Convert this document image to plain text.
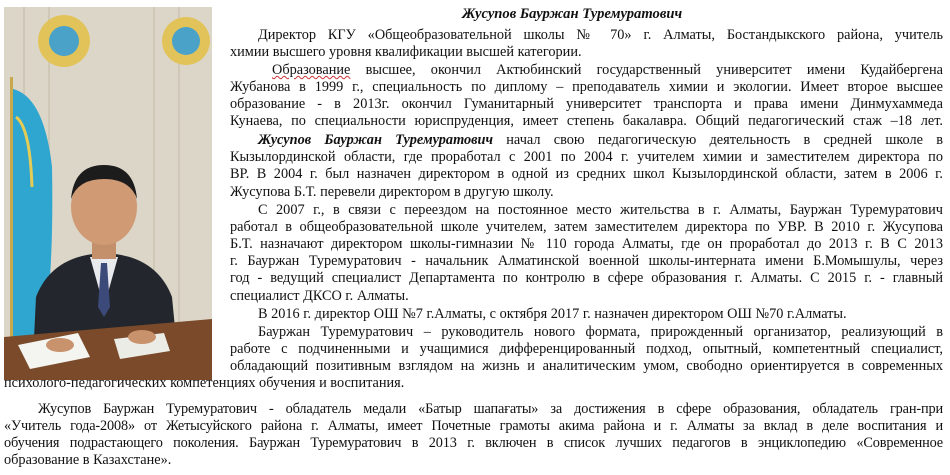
Жусупов Бауржан Туремуратович

Директор КГУ «Общеобразовательной школы № 70» г. Алматы, Бостандыкского района, учитель

химии высшего уровня квалификации высшей категории.

Образование высшее, окончил Актюбинский государственный университет имени Кудайбергена

Жубанова в 1999 г., специальность по диплому – преподаватель химии и экологии. Имеет второе высшее

образование - в 2013г. окончил Гуманитарный университет транспорта и права имени Динмухаммеда

Кунаева, по специальности юриспруденция, имеет степень бакалавра. Общий педагогический стаж –18 лет.

Жусупов Бауржан Туремуратович начал свою педагогическую деятельность в средней школе в

Кызылординской области, где проработал с 2001 по 2004 г. учителем химии и заместителем директора по

ВР. В 2004 г. был назначен директором в одной из средних школ Кызылординской области, затем в 2006 г.

Жусупова Б.Т. перевели директором в другую школу.

С 2007 г., в связи с переездом на постоянное место жительства в г. Алматы, Бауржан Туремуратович

работал в общеобразовательной школе учителем, затем заместителем директора по УВР. В 2010 г. Жусупова

Б.Т. назначают директором школы-гимназии № 110 города Алматы, где он проработал до 2013 г. В С 2013

г. Бауржан Туремуратович - начальник Алматинской военной школы-интерната имени Б.Момышулы, через

год - ведущий специалист Департамента по контролю в сфере образования г. Алматы. С 2015 г. - главный

специалист ДКСО г. Алматы.

В 2016 г. директор ОШ №7 г.Алматы, с октября 2017 г. назначен директором ОШ №70 г.Алматы.

Бауржан Туремуратович – руководитель нового формата, прирожденный организатор, реализующий в

работе с подчиненными и учащимися дифференцированный подход, опытный, компетентный специалист,

обладающий позитивным взглядом на жизнь и аналитическим умом, свободно ориентируется в современных

психолого-педагогических компетенциях обучения и воспитания.

Жусупов Бауржан Туремуратович - обладатель медали «Батыр шапағаты» за достижения в сфере образования, обладатель гран-при

«Учитель года-2008» от Жетысуйского района г. Алматы, имеет Почетные грамоты акима района и г. Алматы за вклад в деле воспитания и

обучения подрастающего поколения. Бауржан Туремуратович в 2013 г. включен в список лучших педагогов в энциклопедию «Современное

образование в Казахстане».
